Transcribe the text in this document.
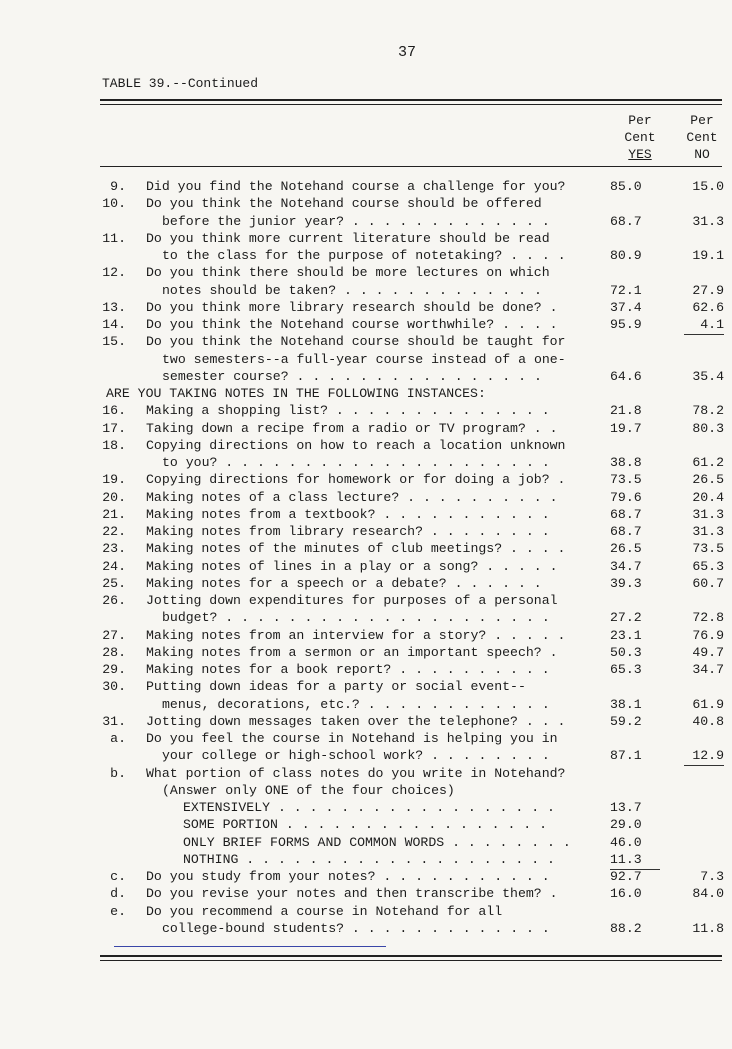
37
TABLE 39.--Continued
Per
Cent
YES
Per
Cent
NO
9. Did you find the Notehand course a challenge for you?	85.0	15.0
10. Do you think the Notehand course should be offered
before the junior year? . . . . . . . . . . . . .	68.7	31.3
11. Do you think more current literature should be read
to the class for the purpose of notetaking? . . . .	80.9	19.1
12. Do you think there should be more lectures on which
notes should be taken? . . . . . . . . . . . . .	72.1	27.9
13. Do you think more library research should be done? .	37.4	62.6
14. Do you think the Notehand course worthwhile? . . . .	95.9	4.1
15. Do you think the Notehand course should be taught for
two semesters--a full-year course instead of a one-
semester course? . . . . . . . . . . . . . . . .	64.6	35.4
ARE YOU TAKING NOTES IN THE FOLLOWING INSTANCES:
16. Making a shopping list? . . . . . . . . . . . . . .	21.8	78.2
17. Taking down a recipe from a radio or TV program? . .	19.7	80.3
18. Copying directions on how to reach a location unknown
to you? . . . . . . . . . . . . . . . . . . . . .	38.8	61.2
19. Copying directions for homework or for doing a job? .	73.5	26.5
20. Making notes of a class lecture? . . . . . . . . . .	79.6	20.4
21. Making notes from a textbook? . . . . . . . . . . .	68.7	31.3
22. Making notes from library research? . . . . . . . .	68.7	31.3
23. Making notes of the minutes of club meetings? . . . .	26.5	73.5
24. Making notes of lines in a play or a song? . . . . .	34.7	65.3
25. Making notes for a speech or a debate? . . . . . .	39.3	60.7
26. Jotting down expenditures for purposes of a personal
budget? . . . . . . . . . . . . . . . . . . . . .	27.2	72.8
27. Making notes from an interview for a story? . . . . .	23.1	76.9
28. Making notes from a sermon or an important speech? .	50.3	49.7
29. Making notes for a book report? . . . . . . . . . .	65.3	34.7
30. Putting down ideas for a party or social event--
menus, decorations, etc.? . . . . . . . . . . . .	38.1	61.9
31. Jotting down messages taken over the telephone? . . .	59.2	40.8
a. Do you feel the course in Notehand is helping you in
your college or high-school work? . . . . . . . .	87.1	12.9
b. What portion of class notes do you write in Notehand?
(Answer only ONE of the four choices)
EXTENSIVELY . . . . . . . . . . . . . . . . . .	13.7
SOME PORTION . . . . . . . . . . . . . . . . .	29.0
ONLY BRIEF FORMS AND COMMON WORDS . . . . . . . .	46.0
NOTHING . . . . . . . . . . . . . . . . . . . .	11.3
c. Do you study from your notes? . . . . . . . . . . .	92.7	7.3
d. Do you revise your notes and then transcribe them? .	16.0	84.0
e. Do you recommend a course in Notehand for all
college-bound students? . . . . . . . . . . . . .	88.2	11.8
